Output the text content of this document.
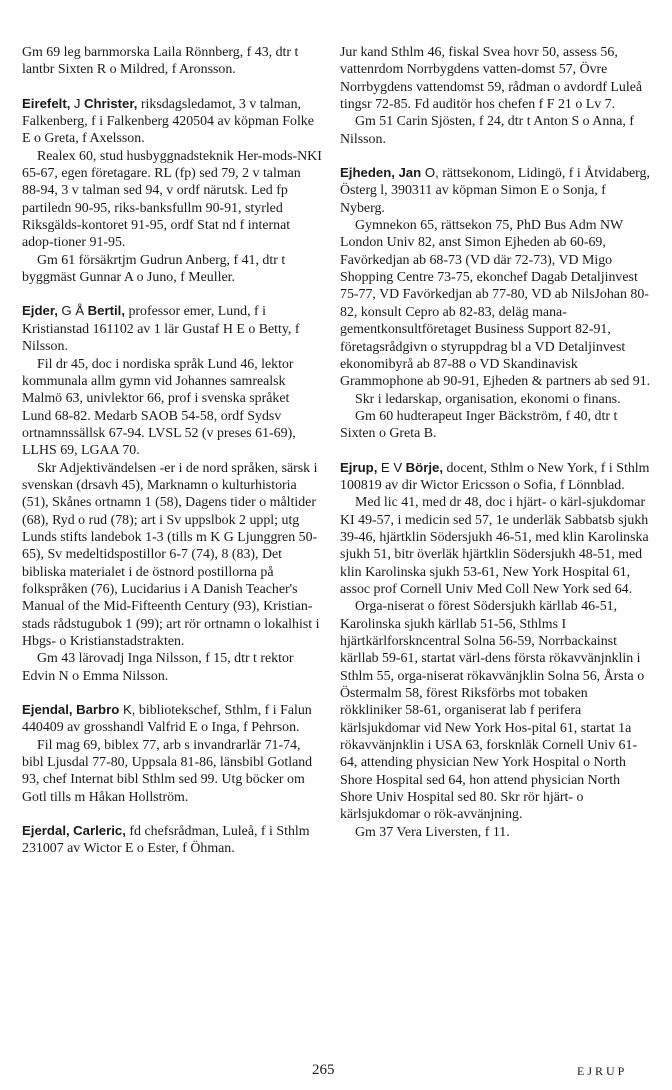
Gm 69 leg barnmorska Laila Rönnberg, f 43, dtr t lantbr Sixten R o Mildred, f Aronsson.

Eirefelt, J Christer, riksdagsledamot, 3 v talman, Falkenberg, f i Falkenberg 420504 av köpman Folke E o Greta, f Axelsson.

Realex 60, stud husbyggnadsteknik Her-mods-NKI 65-67, egen företagare. RL (fp) sed 79, 2 v talman 88-94, 3 v talman sed 94, v ordf närutsk. Led fp partiledn 90-95, riks-banksfullm 90-91, styrled Riksgälds-kontoret 91-95, ordf Stat nd f internat adop-tioner 91-95.

Gm 61 försäkrtjm Gudrun Anberg, f 41, dtr t byggmäst Gunnar A o Juno, f Meuller.

Ejder, G Å Bertil, professor emer, Lund, f i Kristianstad 161102 av 1 lär Gustaf H E o Betty, f Nilsson.

Fil dr 45, doc i nordiska språk Lund 46, lektor kommunala allm gymn vid Johannes samrealsk Malmö 63, univlektor 66, prof i svenska språket Lund 68-82. Medarb SAOB 54-58, ordf Sydsv ortnamnssällsk 67-94. LVSL 52 (v preses 61-69), LLHS 69, LGAA 70.

Skr Adjektivändelsen -er i de nord språken, särsk i svenskan (drsavh 45), Marknamn o kulturhistoria (51), Skånes ortnamn 1 (58), Dagens tider o måltider (68), Ryd o rud (78); art i Sv uppslbok 2 uppl; utg Lunds stifts landebok 1-3 (tills m K G Ljunggren 50-65), Sv medeltidspostillor 6-7 (74), 8 (83), Det bibliska materialet i de östnord postillorna på folkspråken (76), Lucidarius i A Danish Teacher's Manual of the Mid-Fifteenth Century (93), Kristian-stads rådstugubok 1 (99); art rör ortnamn o lokalhist i Hbgs- o Kristianstadstrakten.

Gm 43 lärovadj Inga Nilsson, f 15, dtr t rektor Edvin N o Emma Nilsson.

Ejendal, Barbro K, bibliotekschef, Sthlm, f i Falun 440409 av grosshandl Valfrid E o Inga, f Pehrson.

Fil mag 69, biblex 77, arb s invandrarlär 71-74, bibl Ljusdal 77-80, Uppsala 81-86, länsbibl Gotland 93, chef Internat bibl Sthlm sed 99. Utg böcker om Gotl tills m Håkan Hollström.

Ejerdal, Carleric, fd chefsrådman, Luleå, f i Sthlm 231007 av Wictor E o Ester, f Öhman.

Jur kand Sthlm 46, fiskal Svea hovr 50, assess 56, vattenrdom Norrbygdens vatten-domst 57, Övre Norrbygdens vattendomst 59, rådman o avdordf Luleå tingsr 72-85. Fd auditör hos chefen f F 21 o Lv 7.

Gm 51 Carin Sjösten, f 24, dtr t Anton S o Anna, f Nilsson.

Ejheden, Jan O, rättsekonom, Lidingö, f i Åtvidaberg, Österg l, 390311 av köpman Simon E o Sonja, f Nyberg.

Gymnekon 65, rättsekon 75, PhD Bus Adm NW London Univ 82, anst Simon Ejheden ab 60-69, Favörkedjan ab 68-73 (VD där 72-73), VD Migo Shopping Centre 73-75, ekonchef Dagab Detaljinvest 75-77, VD Favörkedjan ab 77-80, VD ab NilsJohan 80-82, konsult Cepro ab 82-83, deläg mana-gementkonsultföretaget Business Support 82-91, företagsrådgivn o styruppdrag bl a VD Detaljinvest ekonomibyrå ab 87-88 o VD Skandinavisk Grammophone ab 90-91, Ejheden & partners ab sed 91.

Skr i ledarskap, organisation, ekonomi o finans.

Gm 60 hudterapeut Inger Bäckström, f 40, dtr t Sixten o Greta B.

Ejrup, E V Börje, docent, Sthlm o New York, f i Sthlm 100819 av dir Wictor Ericsson o Sofia, f Lönnblad.

Med lic 41, med dr 48, doc i hjärt- o kärl-sjukdomar KI 49-57, i medicin sed 57, 1e underläk Sabbatsb sjukh 39-46, hjärtklin Södersjukh 46-51, med klin Karolinska sjukh 51, bitr överläk hjärtklin Södersjukh 48-51, med klin Karolinska sjukh 53-61, New York Hospital 61, assoc prof Cornell Univ Med Coll New York sed 64.

Orga-niserat o förest Södersjukh kärllab 46-51, Karolinska sjukh kärllab 51-56, Sthlms I hjärtkärlforskncentral Solna 56-59, Norrbackainst kärllab 59-61, startat värl-dens första rökavvänjnklin i Sthlm 55, orga-niserat rökavvänjklin Solna 56, Årsta o Östermalm 58, förest Riksförbs mot tobaken rökkliniker 58-61, organiserat lab f perifera kärlsjukdomar vid New York Hos-pital 61, startat 1a rökavvänjnklin i USA 63, forsknläk Cornell Univ 61-64, attending physician New York Hospital o North Shore Hospital sed 64, hon attend physician North Shore Univ Hospital sed 80. Skr rör hjärt- o kärlsjukdomar o rök-avvänjning.

Gm 37 Vera Liversten, f 11.

265	EJRUP
